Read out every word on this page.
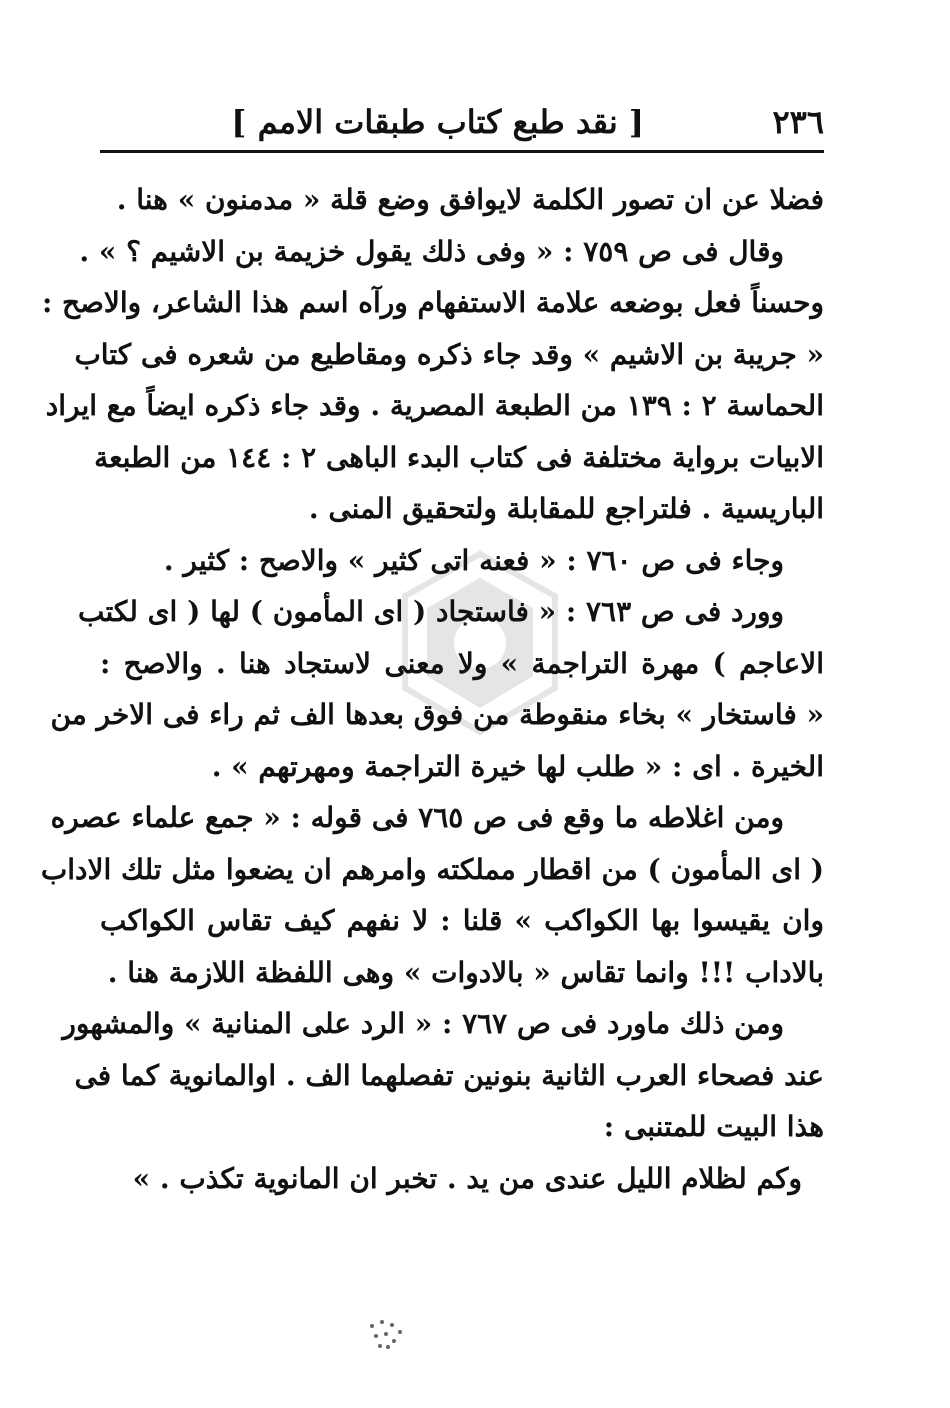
٢٣٦
[ نقد طبع كتاب طبقات الامم ]
فضلا عن ان تصور الكلمة لايوافق وضع قلة « مدمنون » هنا .
وقال فى ص ٧٥٩ : « وفى ذلك يقول خزيمة بن الاشيم ؟ » .
وحسناً فعل بوضعه علامة الاستفهام ورآه اسم هذا الشاعر، والاصح :
« جريبة بن الاشيم » وقد جاء ذكره ومقاطيع من شعره فى كتاب
الحماسة ٢ : ١٣٩ من الطبعة المصرية . وقد جاء ذكره ايضاً مع ايراد
الابيات برواية مختلفة فى كتاب البدء الباهى ٢ : ١٤٤ من الطبعة
الباريسية . فلتراجع للمقابلة ولتحقيق المنى .
وجاء فى ص ٧٦٠ : « فعنه اتى كثير » والاصح : كثير .
وورد فى ص ٧٦٣ : « فاستجاد ( اى المأمون ) لها ( اى لكتب
الاعاجم ) مهرة التراجمة » ولا معنى لاستجاد هنا . والاصح :
« فاستخار » بخاء منقوطة من فوق بعدها الف ثم راء فى الاخر من
الخيرة . اى : « طلب لها خيرة التراجمة ومهرتهم » .
ومن اغلاطه ما وقع فى ص ٧٦٥ فى قوله : « جمع علماء عصره
( اى المأمون ) من اقطار مملكته وامرهم ان يضعوا مثل تلك الاداب
وان يقيسوا بها الكواكب » قلنا : لا نفهم كيف تقاس الكواكب
بالاداب !!! وانما تقاس « بالادوات » وهى اللفظة اللازمة هنا .
ومن ذلك ماورد فى ص ٧٦٧ : « الرد على المنانية » والمشهور
عند فصحاء العرب الثانية بنونين تفصلهما الف . اوالمانوية كما فى
هذا البيت للمتنبى :
وكم لظلام الليل عندى من يد . تخبر ان المانوية تكذب . »
